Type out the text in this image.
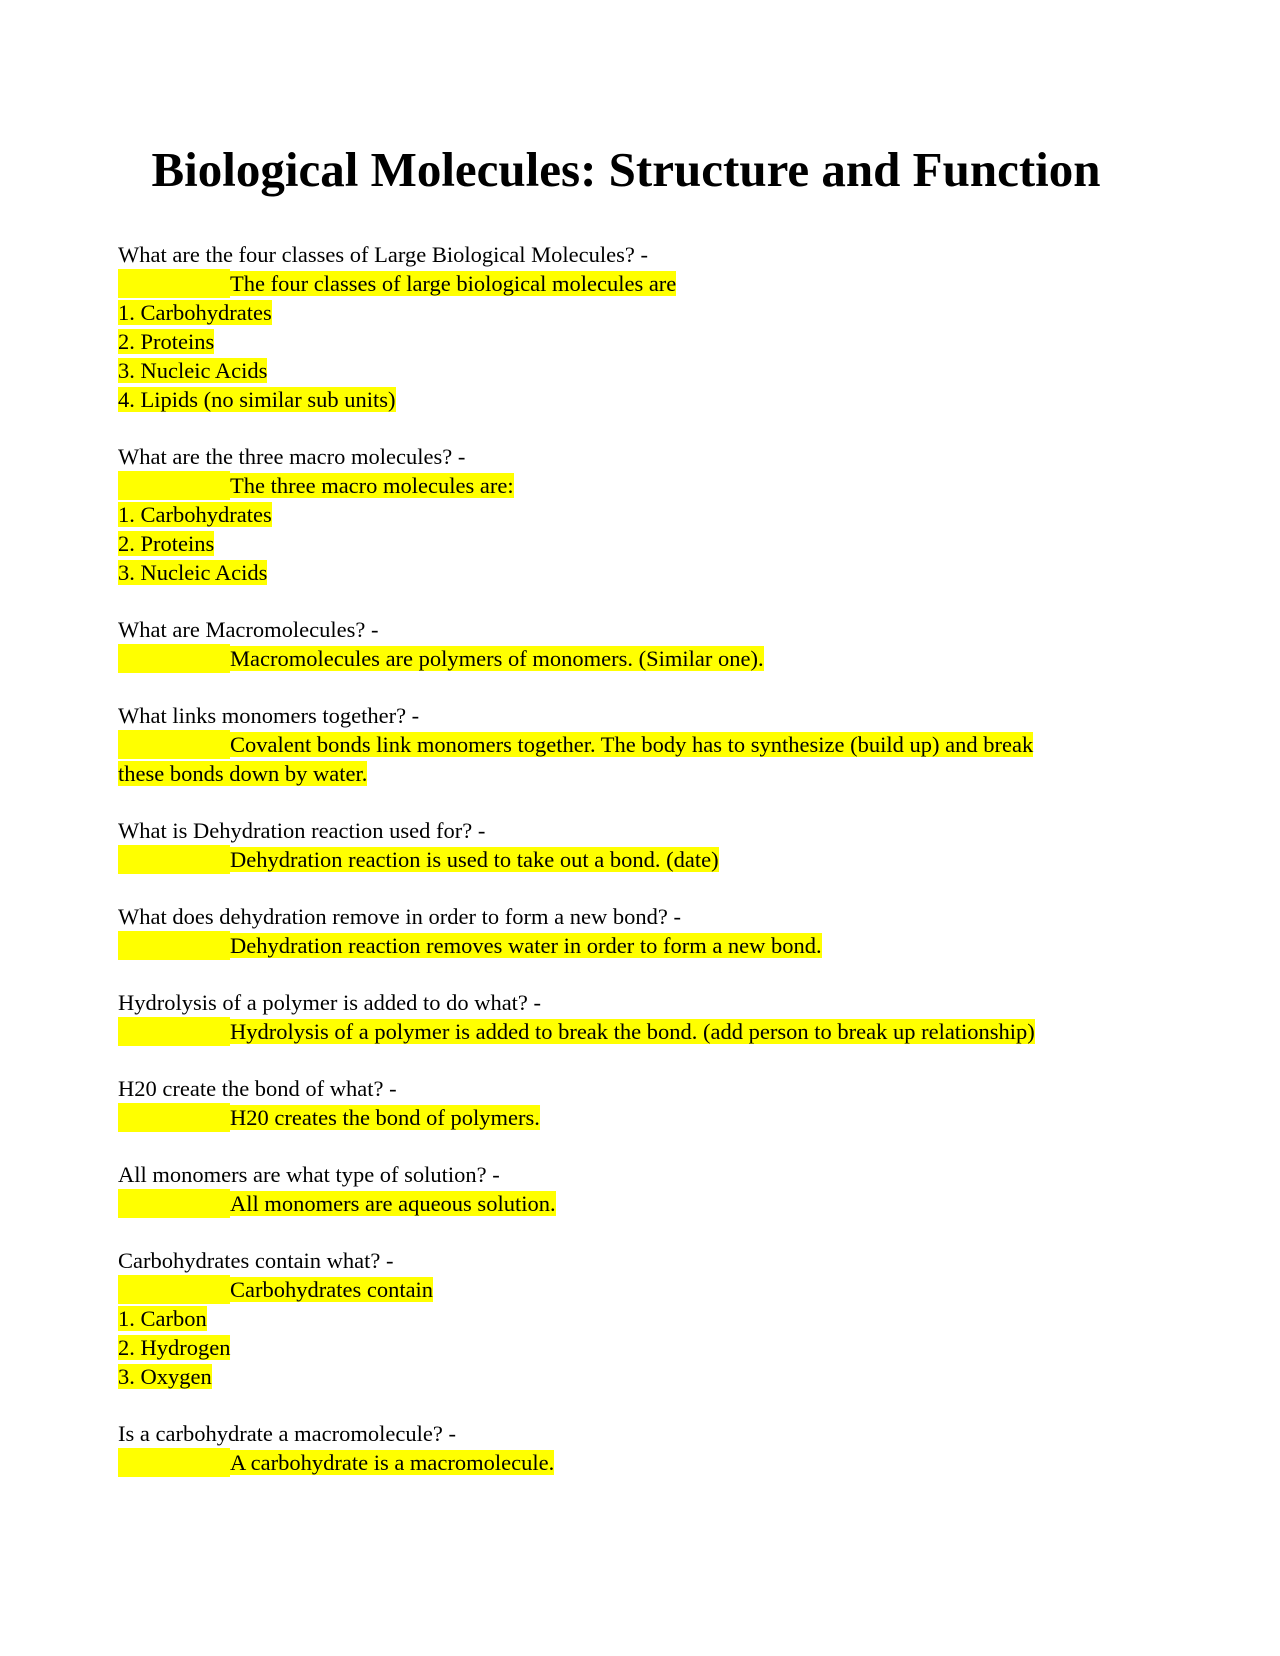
Biological Molecules: Structure and Function
What are the four classes of Large Biological Molecules? -
The four classes of large biological molecules are
1. Carbohydrates
2. Proteins
3. Nucleic Acids
4. Lipids (no similar sub units)
What are the three macro molecules? -
The three macro molecules are:
1. Carbohydrates
2. Proteins
3. Nucleic Acids
What are Macromolecules? -
Macromolecules are polymers of monomers. (Similar one).
What links monomers together? -
Covalent bonds link monomers together. The body has to synthesize (build up) and break
these bonds down by water.
What is Dehydration reaction used for? -
Dehydration reaction is used to take out a bond. (date)
What does dehydration remove in order to form a new bond? -
Dehydration reaction removes water in order to form a new bond.
Hydrolysis of a polymer is added to do what? -
Hydrolysis of a polymer is added to break the bond. (add person to break up relationship)
H20 create the bond of what? -
H20 creates the bond of polymers.
All monomers are what type of solution? -
All monomers are aqueous solution.
Carbohydrates contain what? -
Carbohydrates contain
1. Carbon
2. Hydrogen
3. Oxygen
Is a carbohydrate a macromolecule? -
A carbohydrate is a macromolecule.
